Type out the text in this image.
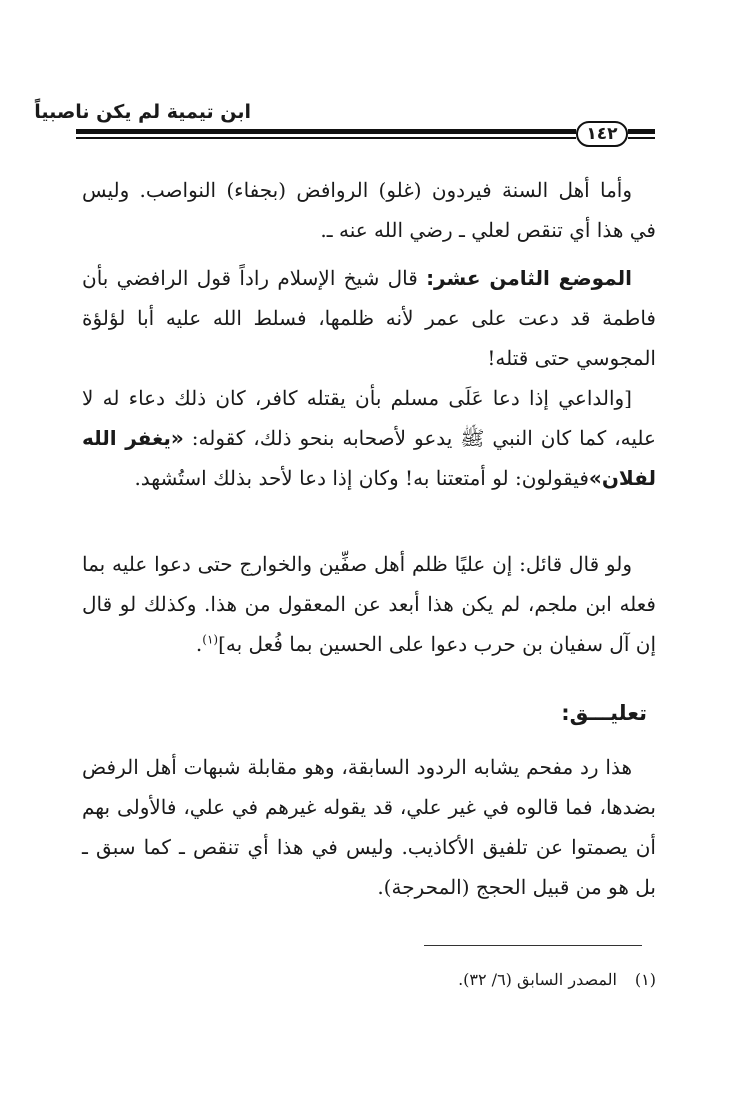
ابن تيمية لم يكن ناصبياً
١٤٢

وأما أهل السنة فيردون (غلو) الروافض (بجفاء) النواصب. وليس في هذا أي تنقص لعلي ـ رضي الله عنه ـ.

الموضع الثامن عشر: قال شيخ الإسلام راداً قول الرافضي بأن فاطمة قد دعت على عمر لأنه ظلمها، فسلط الله عليه أبا لؤلؤة المجوسي حتى قتله!

[والداعي إذا دعا عَلَى مسلم بأن يقتله كافر، كان ذلك دعاء له لا عليه، كما كان النبي ﷺ يدعو لأصحابه بنحو ذلك، كقوله: «يغفر الله لفلان»فيقولون: لو أمتعتنا به! وكان إذا دعا لأحد بذلك استُشهد.

ولو قال قائل: إن عليًا ظلم أهل صفِّين والخوارج حتى دعوا عليه بما فعله ابن ملجم، لم يكن هذا أبعد عن المعقول من هذا. وكذلك لو قال إن آل سفيان بن حرب دعوا على الحسين بما فُعل به]$^{(١)}$.

تعليـــق:

هذا رد مفحم يشابه الردود السابقة، وهو مقابلة شبهات أهل الرفض بضدها، فما قالوه في غير علي، قد يقوله غيرهم في علي، فالأولى بهم أن يصمتوا عن تلفيق الأكاذيب. وليس في هذا أي تنقص ـ كما سبق ـ بل هو من قبيل الحجج (المحرجة).

(١)المصدر السابق (٦/ ٣٢).
